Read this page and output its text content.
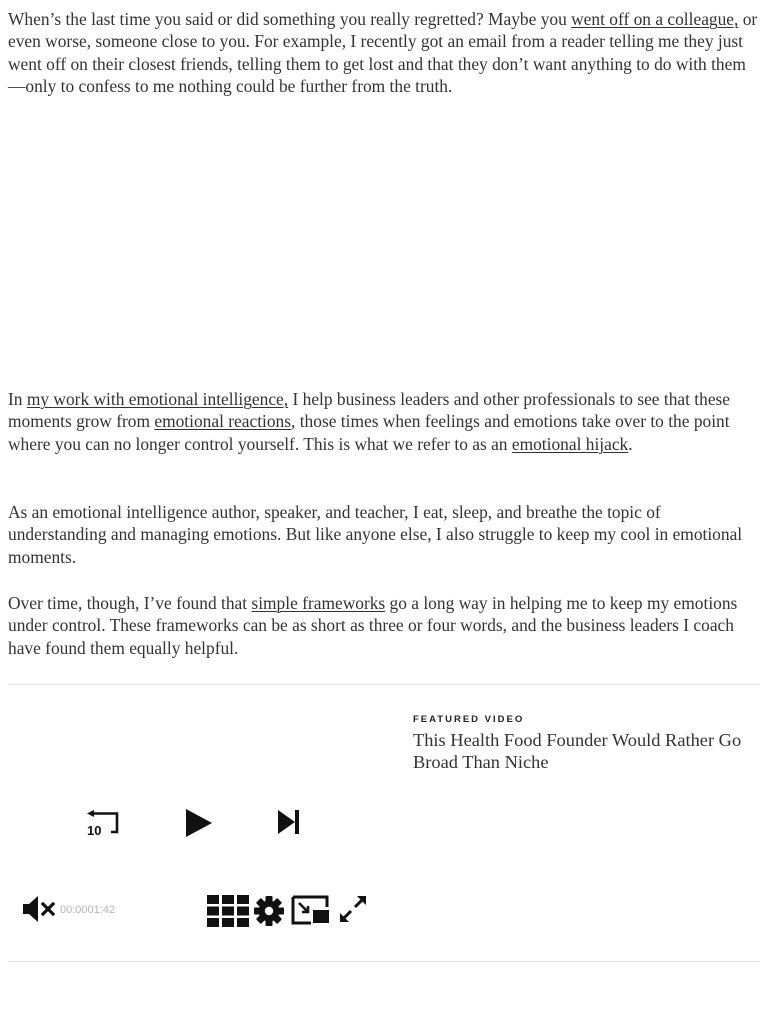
When’s the last time you said or did something you really regretted? Maybe you went off on a colleague, or even worse, someone close to you. For example, I recently got an email from a reader telling me they just went off on their closest friends, telling them to get lost and that they don’t want anything to do with them—only to confess to me nothing could be further from the truth.

In my work with emotional intelligence, I help business leaders and other professionals to see that these moments grow from emotional reactions, those times when feelings and emotions take over to the point where you can no longer control yourself. This is what we refer to as an emotional hijack.

As an emotional intelligence author, speaker, and teacher, I eat, sleep, and breathe the topic of understanding and managing emotions. But like anyone else, I also struggle to keep my cool in emotional moments.

Over time, though, I’ve found that simple frameworks go a long way in helping me to keep my emotions under control. These frameworks can be as short as three or four words, and the business leaders I coach have found them equally helpful.

FEATURED VIDEO
This Health Food Founder Would Rather Go Broad Than Niche
10
00:0001:42
